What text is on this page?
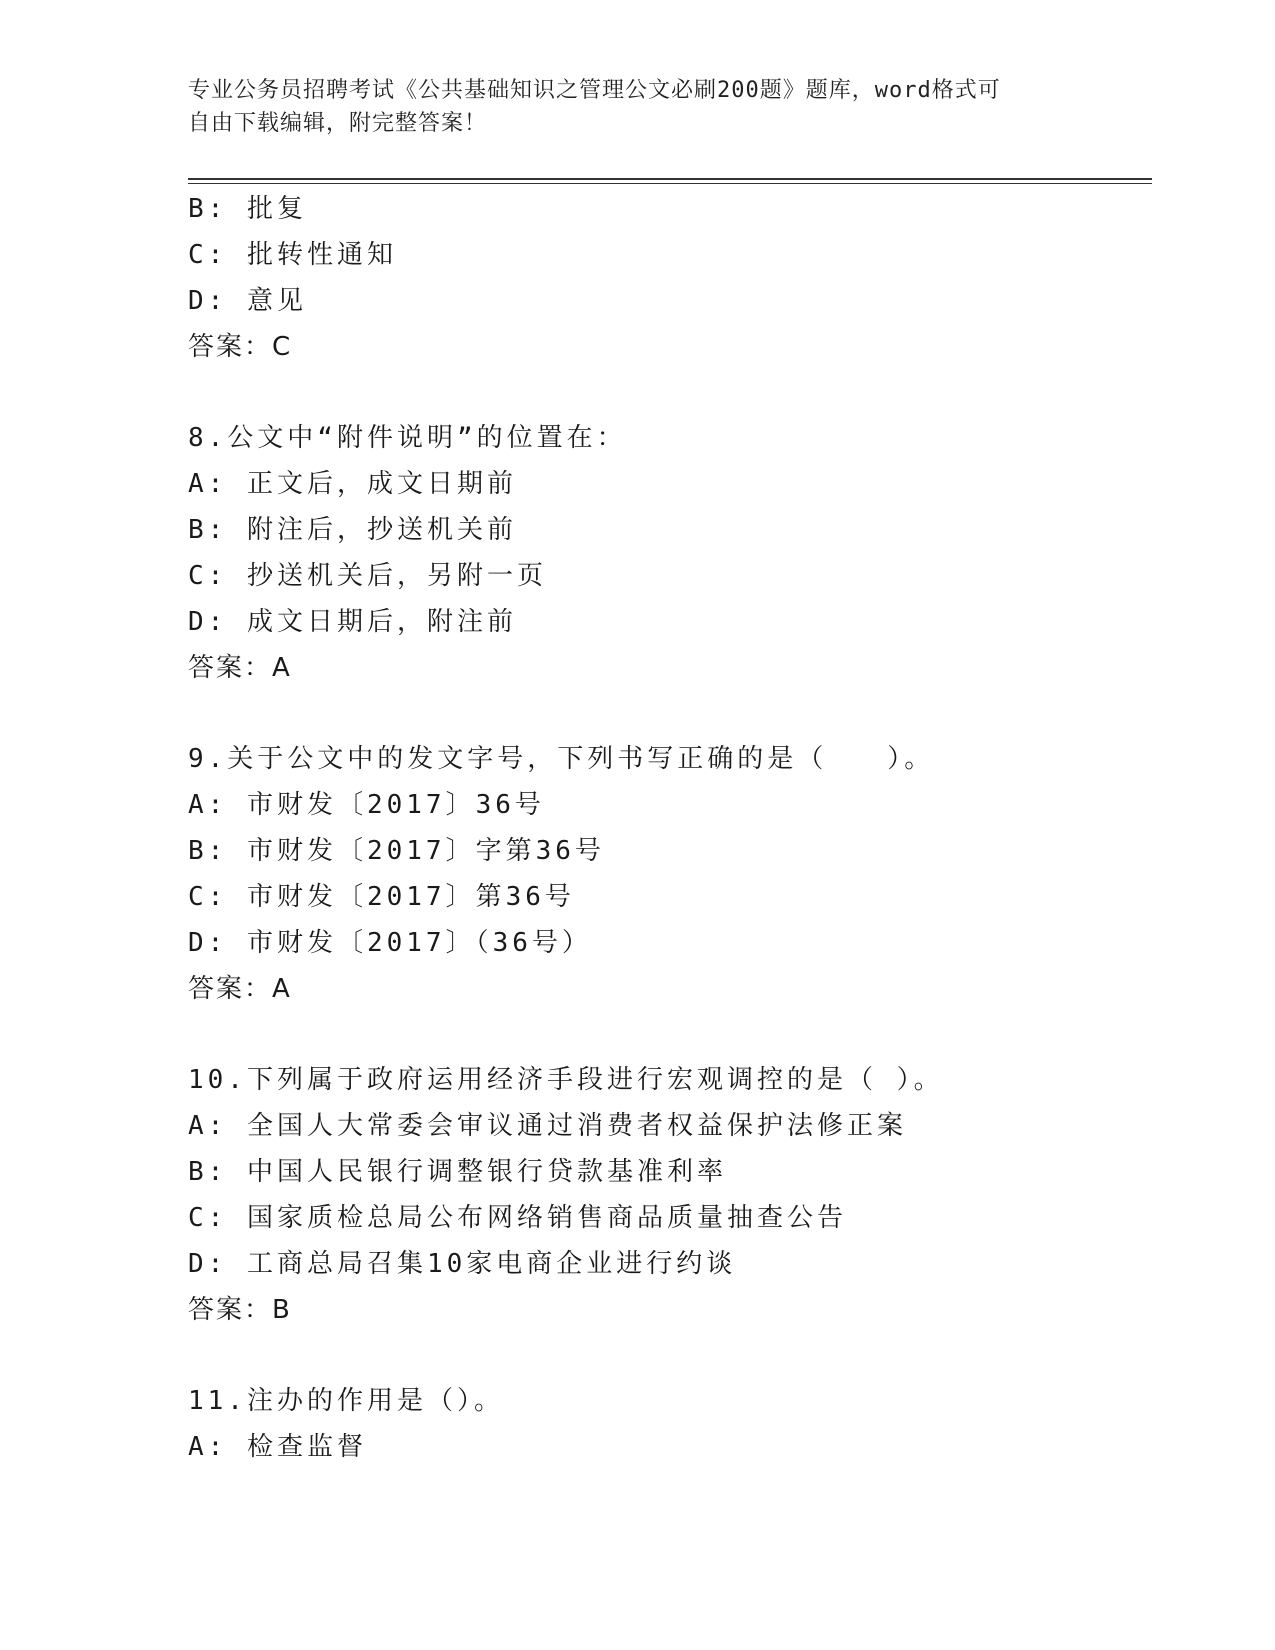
专业公务员招聘考试《公共基础知识之管理公文必刷200题》题库，word格式可
自由下载编辑，附完整答案！
B: 批复
C: 批转性通知
D: 意见
答案：C
8.公文中“附件说明”的位置在：
A: 正文后，成文日期前
B: 附注后，抄送机关前
C: 抄送机关后，另附一页
D: 成文日期后，附注前
答案：A
9.关于公文中的发文字号，下列书写正确的是（　　）。
A: 市财发〔2017〕36号
B: 市财发〔2017〕字第36号
C: 市财发〔2017〕第36号
D: 市财发〔2017〕（36号）
答案：A
10.下列属于政府运用经济手段进行宏观调控的是（ ）。
A: 全国人大常委会审议通过消费者权益保护法修正案
B: 中国人民银行调整银行贷款基准利率
C: 国家质检总局公布网络销售商品质量抽查公告
D: 工商总局召集10家电商企业进行约谈
答案：B
11.注办的作用是（）。
A: 检查监督
